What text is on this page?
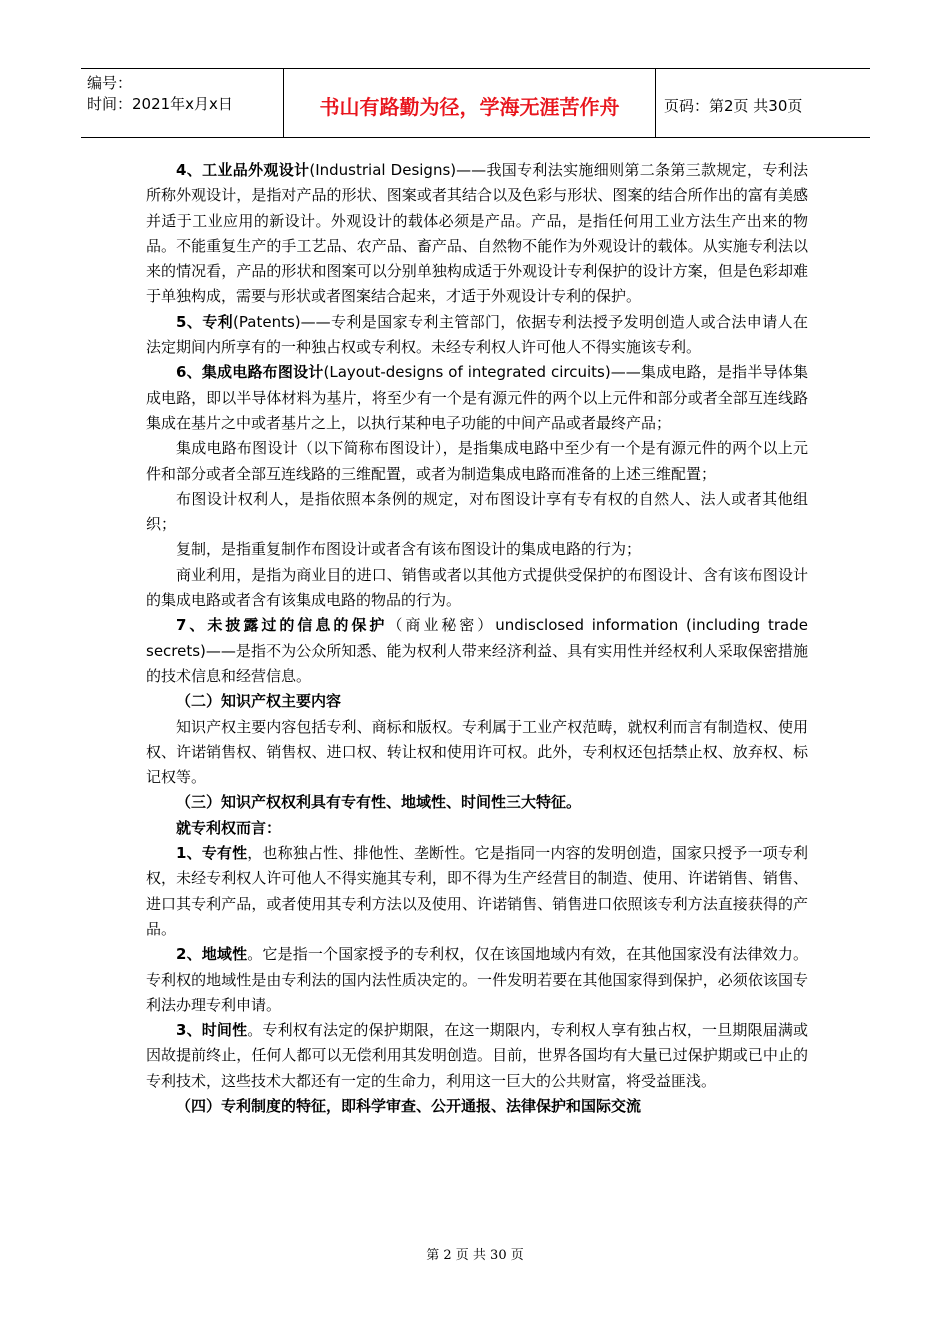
编号：
时间：2021年x月x日	书山有路勤为径，学海无涯苦作舟	页码：第2页 共30页

4、工业品外观设计(Industrial Designs)——我国专利法实施细则第二条第三款规定，专利法所称外观设计，是指对产品的形状、图案或者其结合以及色彩与形状、图案的结合所作出的富有美感并适于工业应用的新设计。外观设计的载体必须是产品。产品，是指任何用工业方法生产出来的物品。不能重复生产的手工艺品、农产品、畜产品、自然物不能作为外观设计的载体。从实施专利法以来的情况看，产品的形状和图案可以分别单独构成适于外观设计专利保护的设计方案，但是色彩却难于单独构成，需要与形状或者图案结合起来，才适于外观设计专利的保护。

5、专利(Patents)——专利是国家专利主管部门，依据专利法授予发明创造人或合法申请人在法定期间内所享有的一种独占权或专利权。未经专利权人许可他人不得实施该专利。

6、集成电路布图设计(Layout-designs of integrated circuits)——集成电路，是指半导体集成电路，即以半导体材料为基片，将至少有一个是有源元件的两个以上元件和部分或者全部互连线路集成在基片之中或者基片之上，以执行某种电子功能的中间产品或者最终产品；

集成电路布图设计（以下简称布图设计），是指集成电路中至少有一个是有源元件的两个以上元件和部分或者全部互连线路的三维配置，或者为制造集成电路而准备的上述三维配置；

布图设计权利人，是指依照本条例的规定，对布图设计享有专有权的自然人、法人或者其他组织；

复制，是指重复制作布图设计或者含有该布图设计的集成电路的行为；

商业利用，是指为商业目的进口、销售或者以其他方式提供受保护的布图设计、含有该布图设计的集成电路或者含有该集成电路的物品的行为。

7、未披露过的信息的保护（商业秘密）undisclosed information (including trade secrets)——是指不为公众所知悉、能为权利人带来经济利益、具有实用性并经权利人采取保密措施的技术信息和经营信息。

（二）知识产权主要内容

知识产权主要内容包括专利、商标和版权。专利属于工业产权范畴，就权利而言有制造权、使用权、许诺销售权、销售权、进口权、转让权和使用许可权。此外，专利权还包括禁止权、放弃权、标记权等。

（三）知识产权权利具有专有性、地域性、时间性三大特征。

就专利权而言：

1、专有性，也称独占性、排他性、垄断性。它是指同一内容的发明创造，国家只授予一项专利权，未经专利权人许可他人不得实施其专利，即不得为生产经营目的制造、使用、许诺销售、销售、进口其专利产品，或者使用其专利方法以及使用、许诺销售、销售进口依照该专利方法直接获得的产品。

2、地域性。它是指一个国家授予的专利权，仅在该国地域内有效，在其他国家没有法律效力。专利权的地域性是由专利法的国内法性质决定的。一件发明若要在其他国家得到保护，必须依该国专利法办理专利申请。

3、时间性。专利权有法定的保护期限，在这一期限内，专利权人享有独占权，一旦期限届满或因故提前终止，任何人都可以无偿利用其发明创造。目前，世界各国均有大量已过保护期或已中止的专利技术，这些技术大都还有一定的生命力，利用这一巨大的公共财富，将受益匪浅。

（四）专利制度的特征，即科学审查、公开通报、法律保护和国际交流

第 2 页 共 30 页
